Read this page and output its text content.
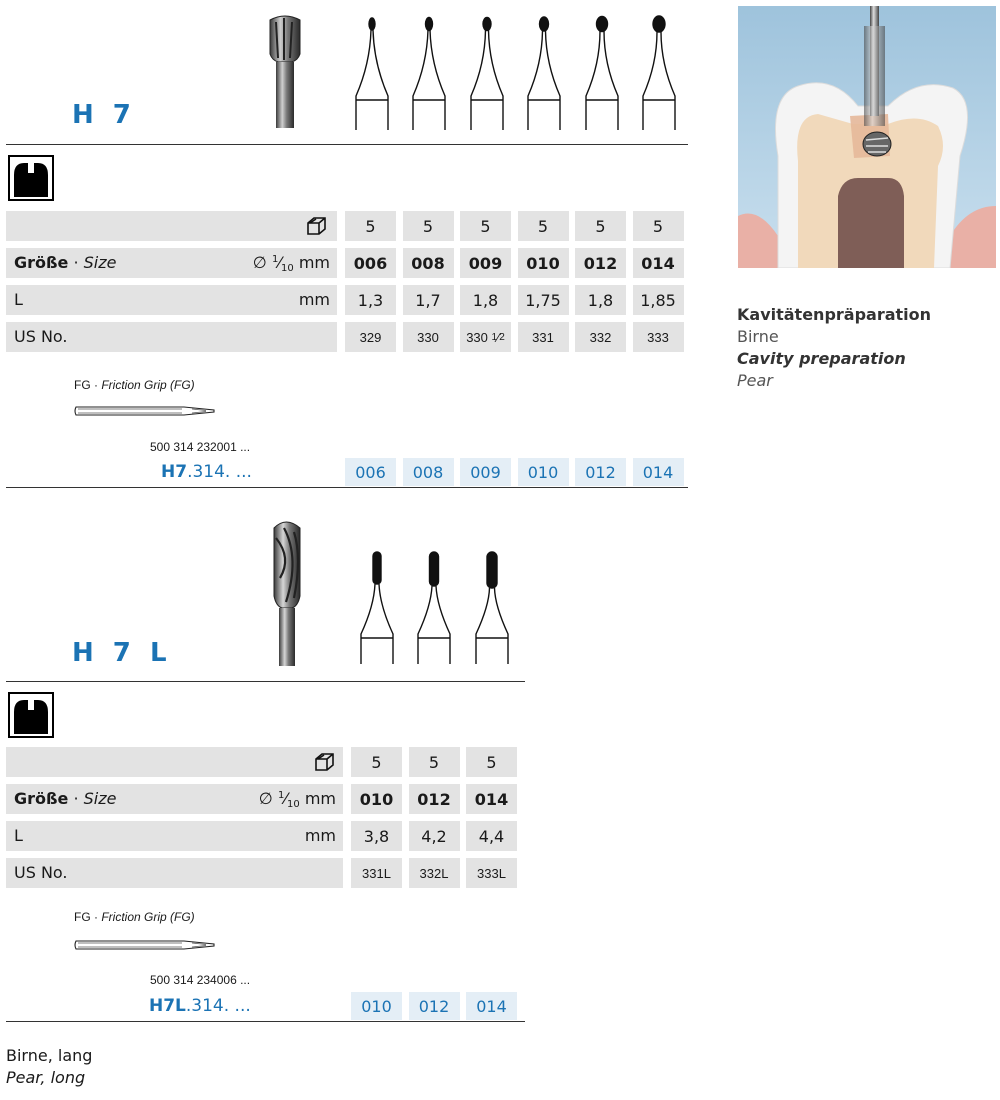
H 7
5	5	5	5	5	5
Größe · Size	∅ $^1⁄_{10}$ mm	006	008	009	010	012	014
L	mm	1,3	1,7	1,8	1,75	1,8	1,85
US No.	329	330	330 1 ⁄ 2	331	332	333
FG · Friction Grip (FG)
500 314 232001 ...
H7.314. ...	006	008	009	010	012	014
Kavitätenpräparation
Birne
Cavity preparation
Pear
H 7 L
5	5	5
Größe · Size	∅ $^1⁄_{10}$ mm	010	012	014
L	mm	3,8	4,2	4,4
US No.	331L	332L	333L
FG · Friction Grip (FG)
500 314 234006 ...
H7L.314. ...	010	012	014
Birne, lang
Pear, long
